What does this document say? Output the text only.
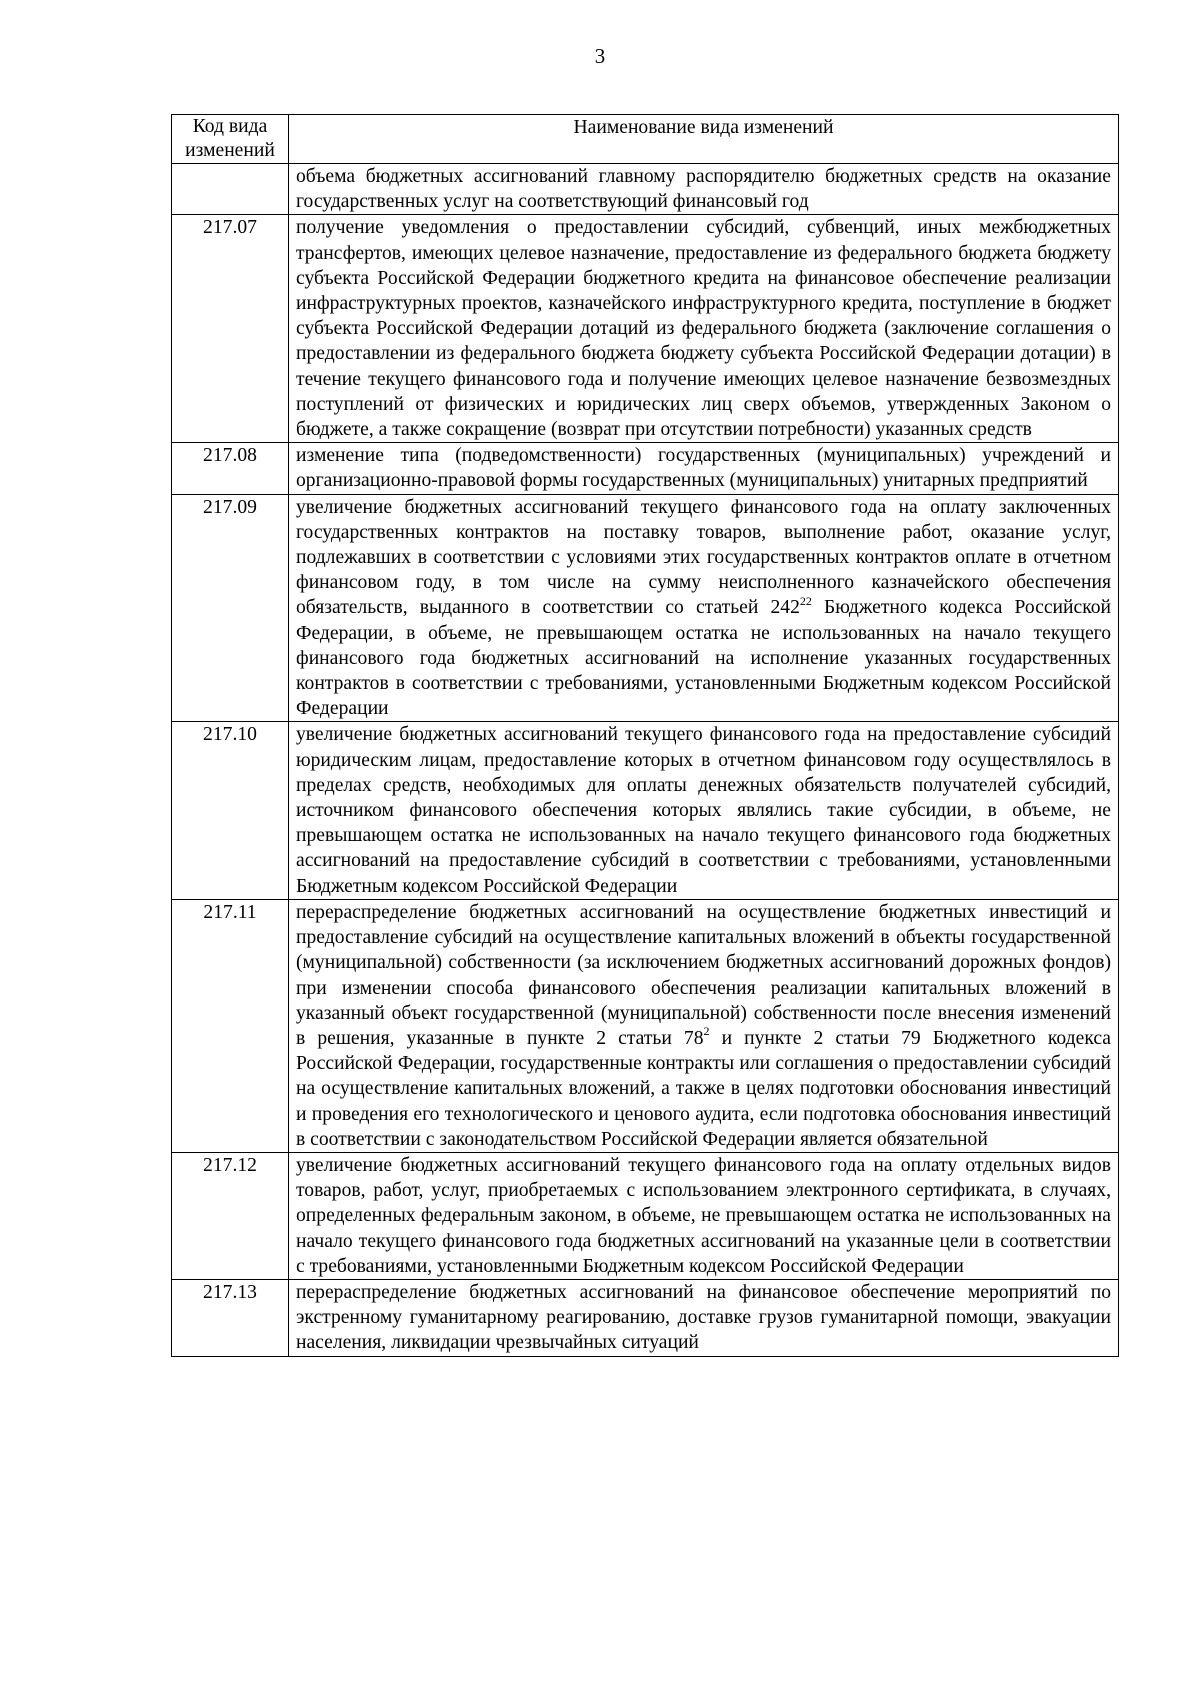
3
Код вида изменений	Наименование вида изменений
	объема бюджетных ассигнований главному распорядителю бюджетных средств на оказание государственных услуг на соответствующий финансовый год
217.07	получение уведомления о предоставлении субсидий, субвенций, иных межбюджетных трансфертов, имеющих целевое назначение, предоставление из федерального бюджета бюджету субъекта Российской Федерации бюджетного кредита на финансовое обеспечение реализации инфраструктурных проектов, казначейского инфраструктурного кредита, поступление в бюджет субъекта Российской Федерации дотаций из федерального бюджета (заключение соглашения о предоставлении из федерального бюджета бюджету субъекта Российской Федерации дотации) в течение текущего финансового года и получение имеющих целевое назначение безвозмездных поступлений от физических и юридических лиц сверх объемов, утвержденных Законом о бюджете, а также сокращение (возврат при отсутствии потребности) указанных средств
217.08	изменение типа (подведомственности) государственных (муниципальных) учреждений и организационно-правовой формы государственных (муниципальных) унитарных предприятий
217.09	увеличение бюджетных ассигнований текущего финансового года на оплату заключенных государственных контрактов на поставку товаров, выполнение работ, оказание услуг, подлежавших в соответствии с условиями этих государственных контрактов оплате в отчетном финансовом году, в том числе на сумму неисполненного казначейского обеспечения обязательств, выданного в соответствии со статьей $242^{22}$ Бюджетного кодекса Российской Федерации, в объеме, не превышающем остатка не использованных на начало текущего финансового года бюджетных ассигнований на исполнение указанных государственных контрактов в соответствии с требованиями, установленными Бюджетным кодексом Российской Федерации
217.10	увеличение бюджетных ассигнований текущего финансового года на предоставление субсидий юридическим лицам, предоставление которых в отчетном финансовом году осуществлялось в пределах средств, необходимых для оплаты денежных обязательств получателей субсидий, источником финансового обеспечения которых являлись такие субсидии, в объеме, не превышающем остатка не использованных на начало текущего финансового года бюджетных ассигнований на предоставление субсидий в соответствии с требованиями, установленными Бюджетным кодексом Российской Федерации
217.11	перераспределение бюджетных ассигнований на осуществление бюджетных инвестиций и предоставление субсидий на осуществление капитальных вложений в объекты государственной (муниципальной) собственности (за исключением бюджетных ассигнований дорожных фондов) при изменении способа финансового обеспечения реализации капитальных вложений в указанный объект государственной (муниципальной) собственности после внесения изменений в решения, указанные в пункте 2 статьи $78^2$ и пункте 2 статьи 79 Бюджетного кодекса Российской Федерации, государственные контракты или соглашения о предоставлении субсидий на осуществление капитальных вложений, а также в целях подготовки обоснования инвестиций и проведения его технологического и ценового аудита, если подготовка обоснования инвестиций в соответствии с законодательством Российской Федерации является обязательной
217.12	увеличение бюджетных ассигнований текущего финансового года на оплату отдельных видов товаров, работ, услуг, приобретаемых с использованием электронного сертификата, в случаях, определенных федеральным законом, в объеме, не превышающем остатка не использованных на начало текущего финансового года бюджетных ассигнований на указанные цели в соответствии с требованиями, установленными Бюджетным кодексом Российской Федерации
217.13	перераспределение бюджетных ассигнований на финансовое обеспечение мероприятий по экстренному гуманитарному реагированию, доставке грузов гуманитарной помощи, эвакуации населения, ликвидации чрезвычайных ситуаций
